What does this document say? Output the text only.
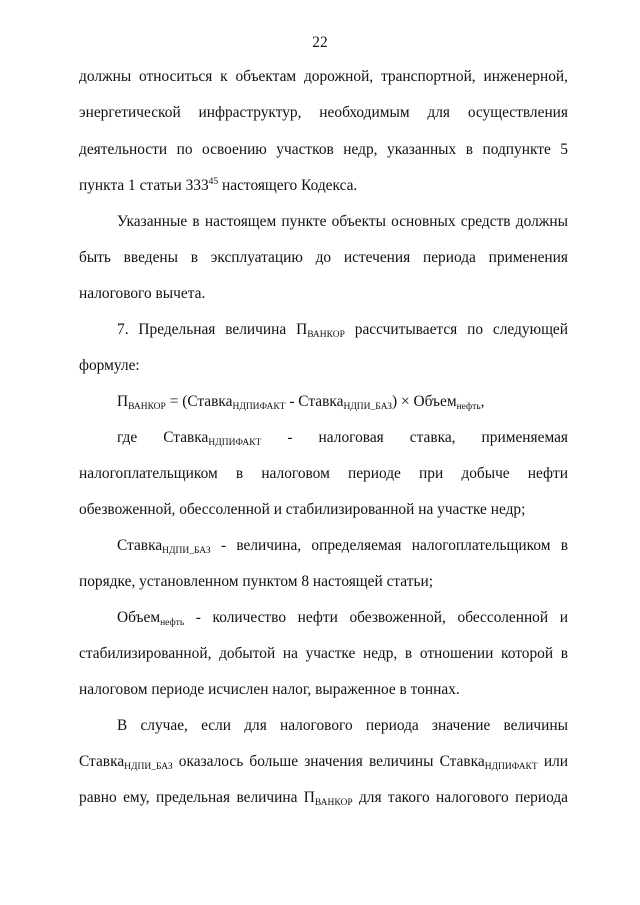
22
должны относиться к объектам дорожной, транспортной, инженерной,
энергетической инфраструктур, необходимым для осуществления
деятельности по освоению участков недр, указанных в подпункте 5
пункта 1 статьи $333^{45}$ настоящего Кодекса.
Указанные в настоящем пункте объекты основных средств должны
быть введены в эксплуатацию до истечения периода применения
налогового вычета.
7. Предельная величина $П_{ВАНКОР}$ рассчитывается по следующей
формуле:
$П_{ВАНКОР}$ = (Ставка$_{НДПИФАКТ}$ - Ставка$_{НДПИ\_БАЗ}$) × Объем$_{нефть}$,
где Ставка$_{НДПИФАКТ}$ - налоговая ставка, применяемая
налогоплательщиком в налоговом периоде при добыче нефти
обезвоженной, обессоленной и стабилизированной на участке недр;
Ставка$_{НДПИ\_БАЗ}$ - величина, определяемая налогоплательщиком в
порядке, установленном пунктом 8 настоящей статьи;
Объем$_{нефть}$ - количество нефти обезвоженной, обессоленной и
стабилизированной, добытой на участке недр, в отношении которой в
налоговом периоде исчислен налог, выраженное в тоннах.
В случае, если для налогового периода значение величины
Ставка$_{НДПИ\_БАЗ}$ оказалось больше значения величины Ставка$_{НДПИФАКТ}$ или
равно ему, предельная величина $П_{ВАНКОР}$ для такого налогового периода
